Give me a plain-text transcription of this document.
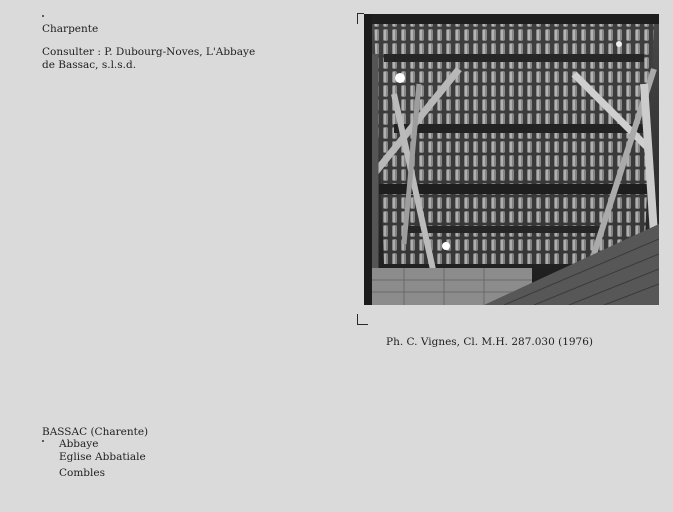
Charpente
Consulter : P. Dubourg-Noves, L'Abbaye
de Bassac, s.l.s.d.
Ph. C. Vignes, Cl. M.H. 287.030 (1976)
BASSAC (Charente)
Abbaye
Eglise Abbatiale
Combles
